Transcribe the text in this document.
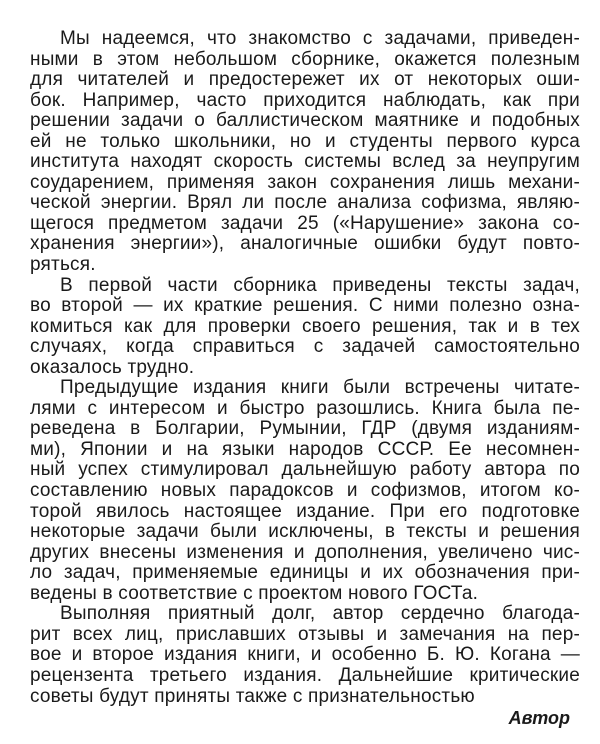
Мы надеемся, что знакомство с задачами, приведен-
ными в этом небольшом сборнике, окажется полезным
для читателей и предостережет их от некоторых оши-
бок. Например, часто приходится наблюдать, как при
решении задачи о баллистическом маятнике и подобных
ей не только школьники, но и студенты первого курса
института находят скорость системы вслед за неупругим
соударением, применяя закон сохранения лишь механи-
ческой энергии. Врял ли после анализа софизма, являю-
щегося предметом задачи 25 («Нарушение» закона со-
хранения энергии»), аналогичные ошибки будут повто-
ряться.
В первой части сборника приведены тексты задач,
во второй — их краткие решения. С ними полезно озна-
комиться как для проверки своего решения, так и в тех
случаях, когда справиться с задачей самостоятельно
оказалось трудно.
Предыдущие издания книги были встречены читате-
лями с интересом и быстро разошлись. Книга была пе-
реведена в Болгарии, Румынии, ГДР (двумя изданиям-
ми), Японии и на языки народов СССР. Ее несомнен-
ный успех стимулировал дальнейшую работу автора по
составлению новых парадоксов и софизмов, итогом ко-
торой явилось настоящее издание. При его подготовке
некоторые задачи были исключены, в тексты и решения
других внесены изменения и дополнения, увеличено чис-
ло задач, применяемые единицы и их обозначения при-
ведены в соответствие с проектом нового ГОСТа.
Выполняя приятный долг, автор сердечно благода-
рит всех лиц, приславших отзывы и замечания на пер-
вое и второе издания книги, и особенно Б. Ю. Когана —
рецензента третьего издания. Дальнейшие критические
советы будут приняты также с признательностью
Автор
